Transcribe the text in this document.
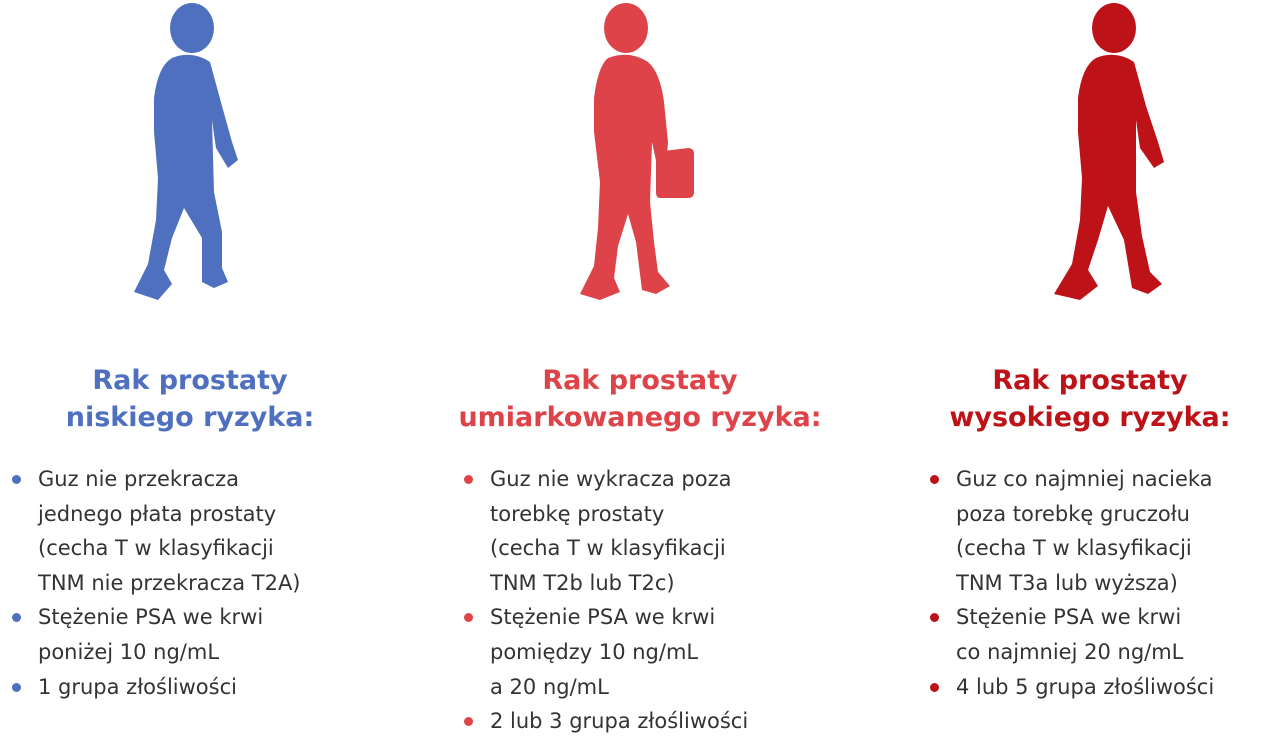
Rak prostaty
niskiego ryzyka:
Guz nie przekracza
jednego płata prostaty
(cecha T w klasyfikacji
TNM nie przekracza T2A)
Stężenie PSA we krwi
poniżej 10 ng/mL
1 grupa złośliwości
Rak prostaty
umiarkowanego ryzyka:
Guz nie wykracza poza
torebkę prostaty
(cecha T w klasyfikacji
TNM T2b lub T2c)
Stężenie PSA we krwi
pomiędzy 10 ng/mL
a 20 ng/mL
2 lub 3 grupa złośliwości
Rak prostaty
wysokiego ryzyka:
Guz co najmniej nacieka
poza torebkę gruczołu
(cecha T w klasyfikacji
TNM T3a lub wyższa)
Stężenie PSA we krwi
co najmniej 20 ng/mL
4 lub 5 grupa złośliwości
